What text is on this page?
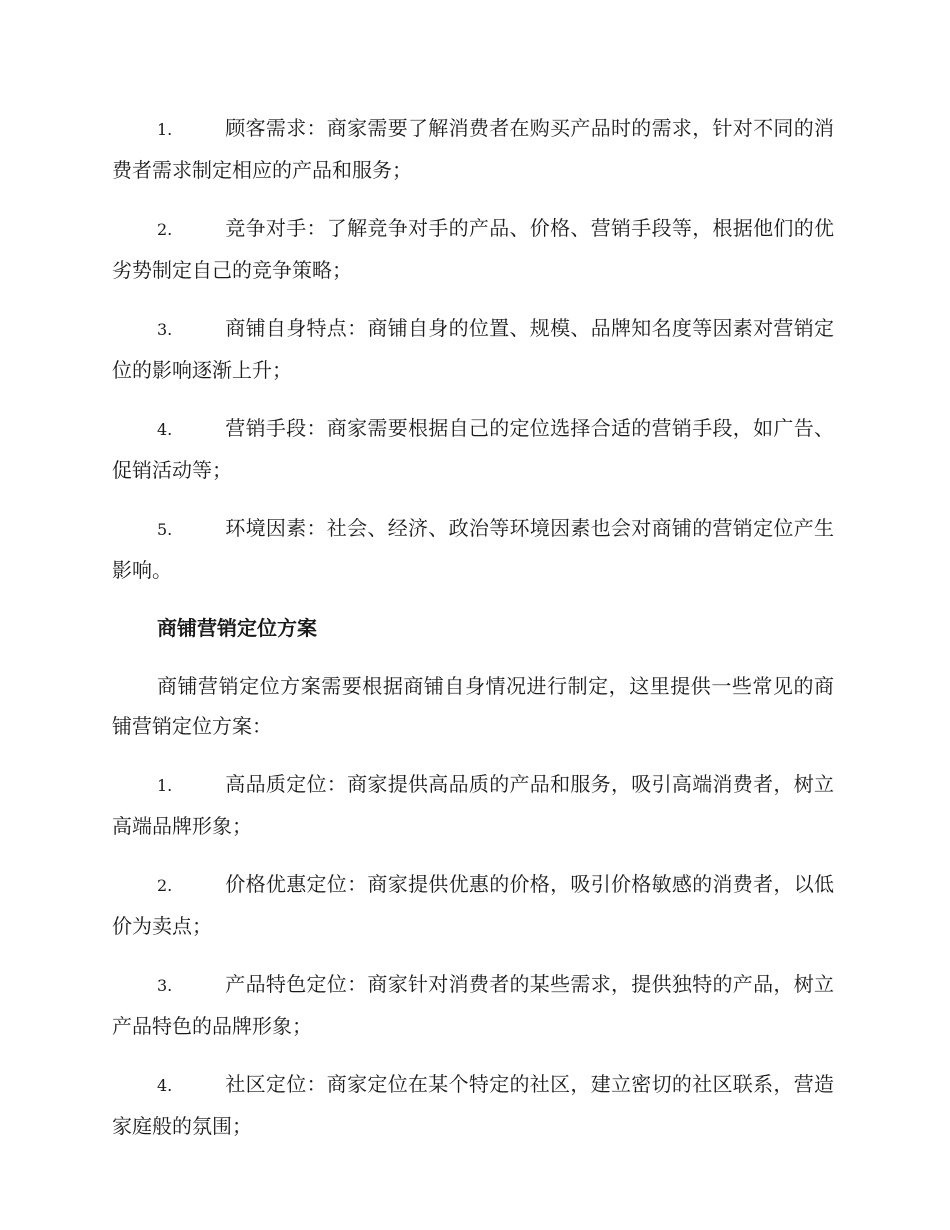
1.	顾客需求：商家需要了解消费者在购买产品时的需求，针对不同的消费者需求制定相应的产品和服务；
2.	竞争对手：了解竞争对手的产品、价格、营销手段等，根据他们的优劣势制定自己的竞争策略；
3.	商铺自身特点：商铺自身的位置、规模、品牌知名度等因素对营销定位的影响逐渐上升；
4.	营销手段：商家需要根据自己的定位选择合适的营销手段，如广告、促销活动等；
5.	环境因素：社会、经济、政治等环境因素也会对商铺的营销定位产生影响。
商铺营销定位方案
商铺营销定位方案需要根据商铺自身情况进行制定，这里提供一些常见的商铺营销定位方案：
1.	高品质定位：商家提供高品质的产品和服务，吸引高端消费者，树立高端品牌形象；
2.	价格优惠定位：商家提供优惠的价格，吸引价格敏感的消费者，以低价为卖点；
3.	产品特色定位：商家针对消费者的某些需求，提供独特的产品，树立产品特色的品牌形象；
4.	社区定位：商家定位在某个特定的社区，建立密切的社区联系，营造家庭般的氛围；
